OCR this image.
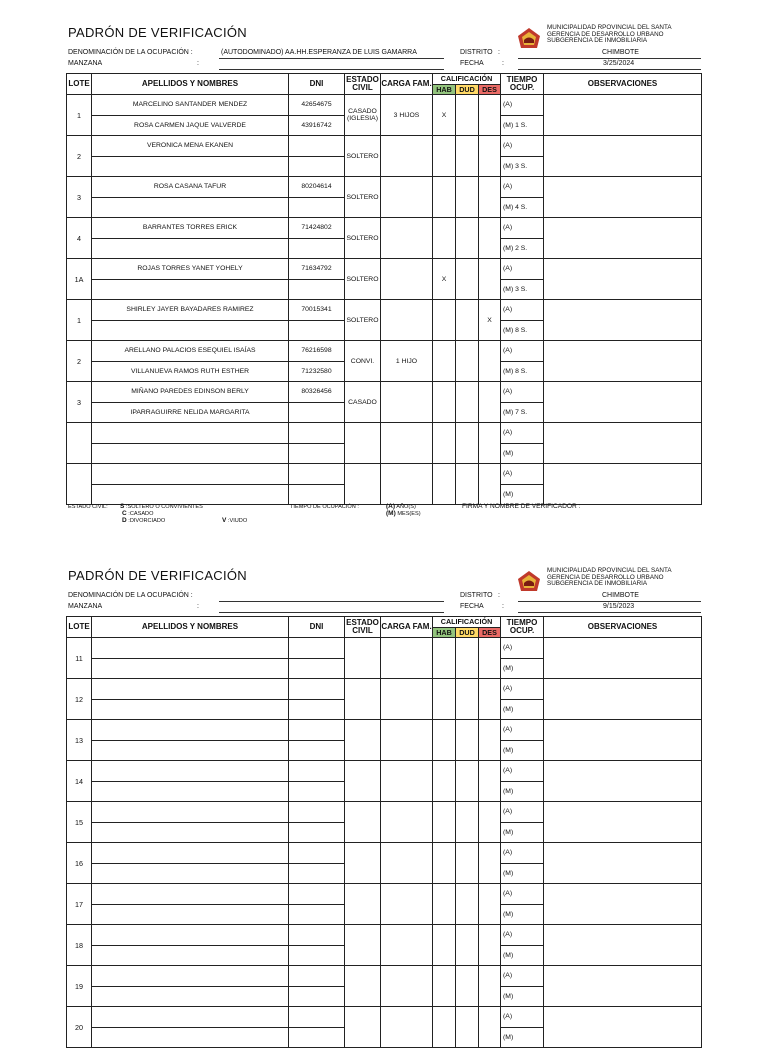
PADRÓN DE VERIFICACIÓN	MUNICIPALIDAD RPOVINCIAL DEL SANTA
GERENCIA DE DESARROLLO URBANO
SUBGERENCIA DE INMOBILIARIA
DENOMINACIÓN DE LA OCUPACIÓN :	(AUTODOMINADO) AA.HH.ESPERANZA DE LUIS GAMARRA
MANZANA	:
DISTRITO :	CHIMBOTE
FECHA	:	3/25/2024
LOTE	APELLIDOS Y NOMBRES	DNI	ESTADO CIVIL	CARGA FAM.	CALIFICACIÓN			TIEMPO OCUP.	OBSERVACIONES
					HAB	DUD	DES		
1	MARCELINO SANTANDER MENDEZ	42654675	CASADO (IGLESIA)	3 HIJOS	X			(A)	
	ROSA CARMEN JAQUE VALVERDE	43916742						(M) 1 S.	
2	VERONICA MENA EKANEN		SOLTERO					(A)	
								(M) 3 S.	
3	ROSA CASANA TAFUR	80204614	SOLTERO					(A)	
								(M) 4 S.	
4	BARRANTES TORRES ERICK	71424802	SOLTERO					(A)	
								(M) 2 S.	
1A	ROJAS TORRES YANET YOHELY	71634792	SOLTERO		X			(A)	
								(M) 3 S.	
1	SHIRLEY JAYER BAYADARES RAMIREZ	70015341	SOLTERO				X	(A)	
								(M) 8 S.	
2	ARELLANO PALACIOS ESEQUIEL ISAÍAS	76216598	CONVI.	1 HIJO				(A)	
	VILLANUEVA RAMOS RUTH ESTHER	71232580						(M) 8 S.	
3	MIÑANO PAREDES EDINSON BERLY	80326456	CASADO					(A)	
	IPARRAGUIRRE NELIDA MARGARITA							(M) 7 S.	
								(A)	
								(M)	
								(A)	
								(M)	
ESTADO CIVIL: S :SOLTERO O CONVIVIENTES
C :CASADO
D :DIVORCIADO	V :VIUDO
TIEMPO DE OCUPACIÓN :	(A) AÑO(S)
(M) MES(ES)
FIRMA Y NOMBRE DE VERIFICADOR :
PADRÓN DE VERIFICACIÓN	MUNICIPALIDAD RPOVINCIAL DEL SANTA
GERENCIA DE DESARROLLO URBANO
SUBGERENCIA DE INMOBILIARIA
DENOMINACIÓN DE LA OCUPACIÓN :
MANZANA	:
DISTRITO :	CHIMBOTE
FECHA	:	9/15/2023
LOTE	APELLIDOS Y NOMBRES	DNI	ESTADO CIVIL	CARGA FAM.	CALIFICACIÓN			TIEMPO OCUP.	OBSERVACIONES
					HAB	DUD	DES		
11								(A)	
								(M)	
12								(A)	
								(M)	
13								(A)	
								(M)	
14								(A)	
								(M)	
15								(A)	
								(M)	
16								(A)	
								(M)	
17								(A)	
								(M)	
18								(A)	
								(M)	
19								(A)	
								(M)	
20								(A)	
								(M)	
